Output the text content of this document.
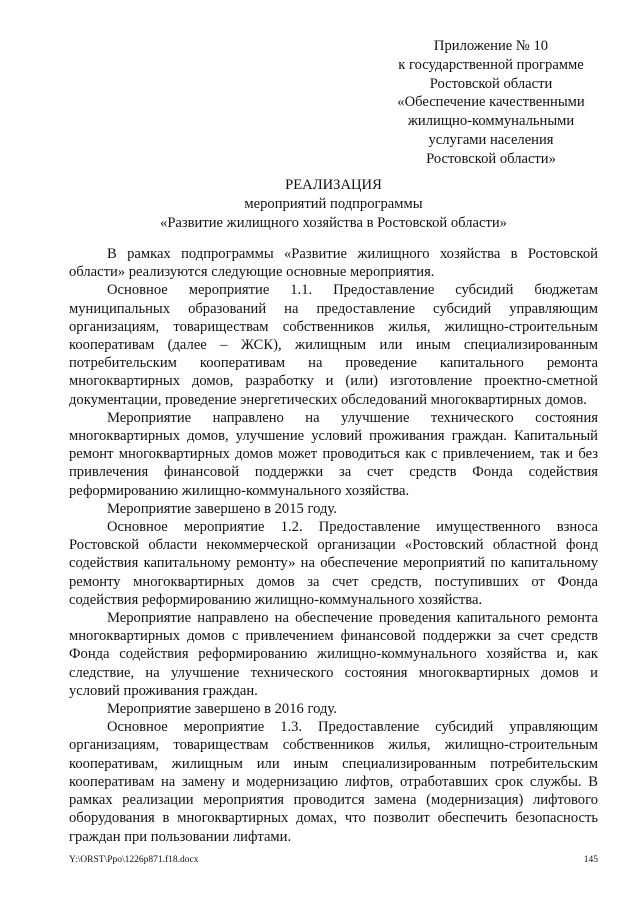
Приложение № 10
к государственной программе
Ростовской области
«Обеспечение качественными
жилищно-коммунальными
услугами населения
Ростовской области»
РЕАЛИЗАЦИЯ
мероприятий подпрограммы
«Развитие жилищного хозяйства в Ростовской области»

В рамках подпрограммы «Развитие жилищного хозяйства в Ростовской области» реализуются следующие основные мероприятия.

Основное мероприятие 1.1. Предоставление субсидий бюджетам муниципальных образований на предоставление субсидий управляющим организациям, товариществам собственников жилья, жилищно-строительным кооперативам (далее – ЖСК), жилищным или иным специализированным потребительским кооперативам на проведение капитального ремонта многоквартирных домов, разработку и (или) изготовление проектно-сметной документации, проведение энергетических обследований многоквартирных домов.

Мероприятие направлено на улучшение технического состояния многоквартирных домов, улучшение условий проживания граждан. Капитальный ремонт многоквартирных домов может проводиться как с привлечением, так и без привлечения финансовой поддержки за счет средств Фонда содействия реформированию жилищно-коммунального хозяйства.

Мероприятие завершено в 2015 году.

Основное мероприятие 1.2. Предоставление имущественного взноса Ростовской области некоммерческой организации «Ростовский областной фонд содействия капитальному ремонту» на обеспечение мероприятий по капитальному ремонту многоквартирных домов за счет средств, поступивших от Фонда содействия реформированию жилищно-коммунального хозяйства.

Мероприятие направлено на обеспечение проведения капитального ремонта многоквартирных домов с привлечением финансовой поддержки за счет средств Фонда содействия реформированию жилищно-коммунального хозяйства и, как следствие, на улучшение технического состояния многоквартирных домов и условий проживания граждан.

Мероприятие завершено в 2016 году.

Основное мероприятие 1.3. Предоставление субсидий управляющим организациям, товариществам собственников жилья, жилищно-строительным кооперативам, жилищным или иным специализированным потребительским кооперативам на замену и модернизацию лифтов, отработавших срок службы. В рамках реализации мероприятия проводится замена (модернизация) лифтового оборудования в многоквартирных домах, что позволит обеспечить безопасность граждан при пользовании лифтами.

Y:\ORST\Ppo\1226p871.f18.docx	145
